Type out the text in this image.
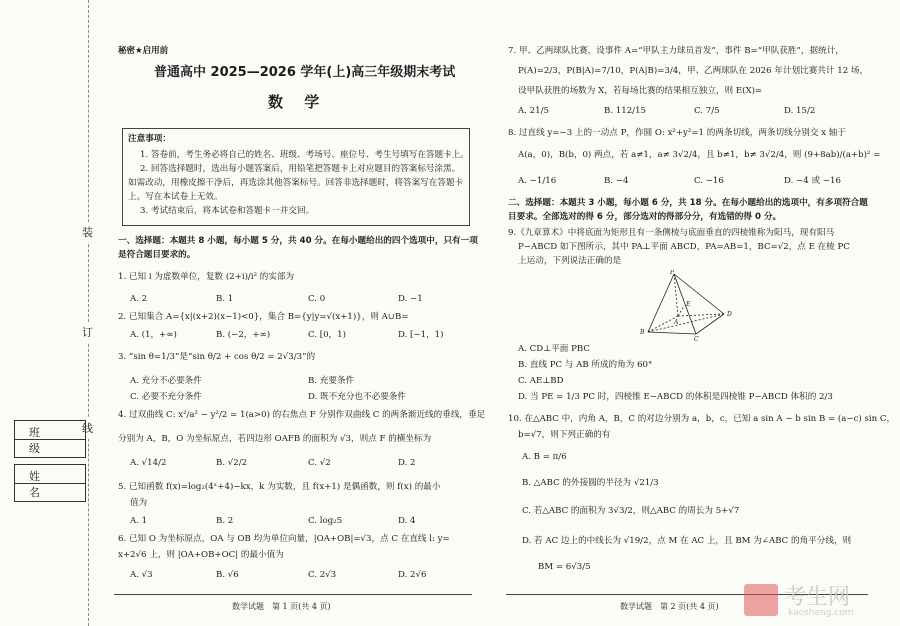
装
订
线
班 级
姓 名
秘密★启用前
普通高中 2025—2026 学年(上)高三年级期末考试
数 学
注意事项：
1. 答卷前，考生务必将自己的姓名、班级、考场号、座位号、考生号填写在答题卡上。
2. 回答选择题时，选出每小题答案后，用铅笔把答题卡上对应题目的答案标号涂黑。
如需改动，用橡皮擦干净后，再选涂其他答案标号。回答非选择题时，将答案写在答题卡
上。写在本试卷上无效。
3. 考试结束后，将本试卷和答题卡一并交回。
一、选择题：本题共 8 小题，每小题 5 分，共 40 分。在每小题给出的四个选项中，只有一项
是符合题目要求的。
1. 已知 i 为虚数单位，复数 (2+i)/i² 的实部为
A. 2	B. 1	C. 0	D. −1
2. 已知集合 A={x|(x+2)(x−1)<0}，集合 B={y|y=√(x+1)}，则 A∪B=
A. (1，+∞)	B. (−2，+∞)	C. [0，1)	D. [−1，1)
3. “sin θ=1/3”是“sin θ/2 + cos θ/2 = 2√3/3”的
A. 充分不必要条件	B. 充要条件
C. 必要不充分条件	D. 既不充分也不必要条件
4. 过双曲线 C: x²/a² − y²/2 = 1(a>0) 的右焦点 F 分别作双曲线 C 的两条渐近线的垂线，垂足
分别为 A，B，O 为坐标原点，若四边形 OAFB 的面积为 √3，则点 F 的横坐标为
A. √14/2	B. √2/2	C. √2	D. 2
5. 已知函数 f(x)=log₂(4ˣ+4)−kx，k 为实数，且 f(x+1) 是偶函数，则 f(x) 的最小
值为
A. 1	B. 2	C. log₂5	D. 4
6. 已知 O 为坐标原点，OA 与 OB 均为单位向量，|OA+OB|=√3，点 C 在直线 l: y=
x+2√6 上，则 |OA+OB+OC| 的最小值为
A. √3	B. √6	C. 2√3	D. 2√6
数学试题　第 1 页(共 4 页)
7. 甲、乙两球队比赛，设事件 A=“甲队主力球员首发”，事件 B=“甲队获胜”，据统计，
P(A)=2/3，P(B|A)=7/10，P(A|B)=3/4，甲、乙两球队在 2026 年计划比赛共计 12 场，
设甲队获胜的场数为 X，若每场比赛的结果相互独立，则 E(X)=
A. 21/5	B. 112/15	C. 7/5	D. 15/2
8. 过直线 y=−3 上的一动点 P，作圆 O: x²+y²=1 的两条切线，两条切线分别交 x 轴于
A(a，0)，B(b，0) 两点，若 a≠1，a≠ 3√2/4，且 b≠1，b≠ 3√2/4，则 (9+8ab)/(a+b)² =
A. −1/16	B. −4	C. −16	D. −4 或 −16
二、选择题：本题共 3 小题，每小题 6 分，共 18 分。在每小题给出的选项中，有多项符合题
目要求。全部选对的得 6 分，部分选对的得部分分，有选错的得 0 分。
9.《九章算术》中将底面为矩形且有一条侧棱与底面垂直的四棱锥称为阳马，现有阳马
P−ABCD 如下图所示，其中 PA⊥平面 ABCD，PA=AB=1，BC=√2，点 E 在棱 PC
上运动，下列说法正确的是
P
E
A
D
B
C
A. CD⊥平面 PBC
B. 直线 PC 与 AB 所成的角为 60°
C. AE⊥BD
D. 当 PE = 1/3 PC 时，四棱锥 E−ABCD 的体积是四棱锥 P−ABCD 体积的 2/3
10. 在△ABC 中，内角 A，B，C 的对边分别为 a，b，c，已知 a sin A − b sin B = (a−c) sin C，
b=√7，则下列正确的有
A. B = π/6
B. △ABC 的外接圆的半径为 √21/3
C. 若△ABC 的面积为 3√3/2，则△ABC 的周长为 5+√7
D. 若 AC 边上的中线长为 √19/2，点 M 在 AC 上，且 BM 为∠ABC 的角平分线，则
BM = 6√3/5
数学试题　第 2 页(共 4 页)	考生网
kaosheng.com
